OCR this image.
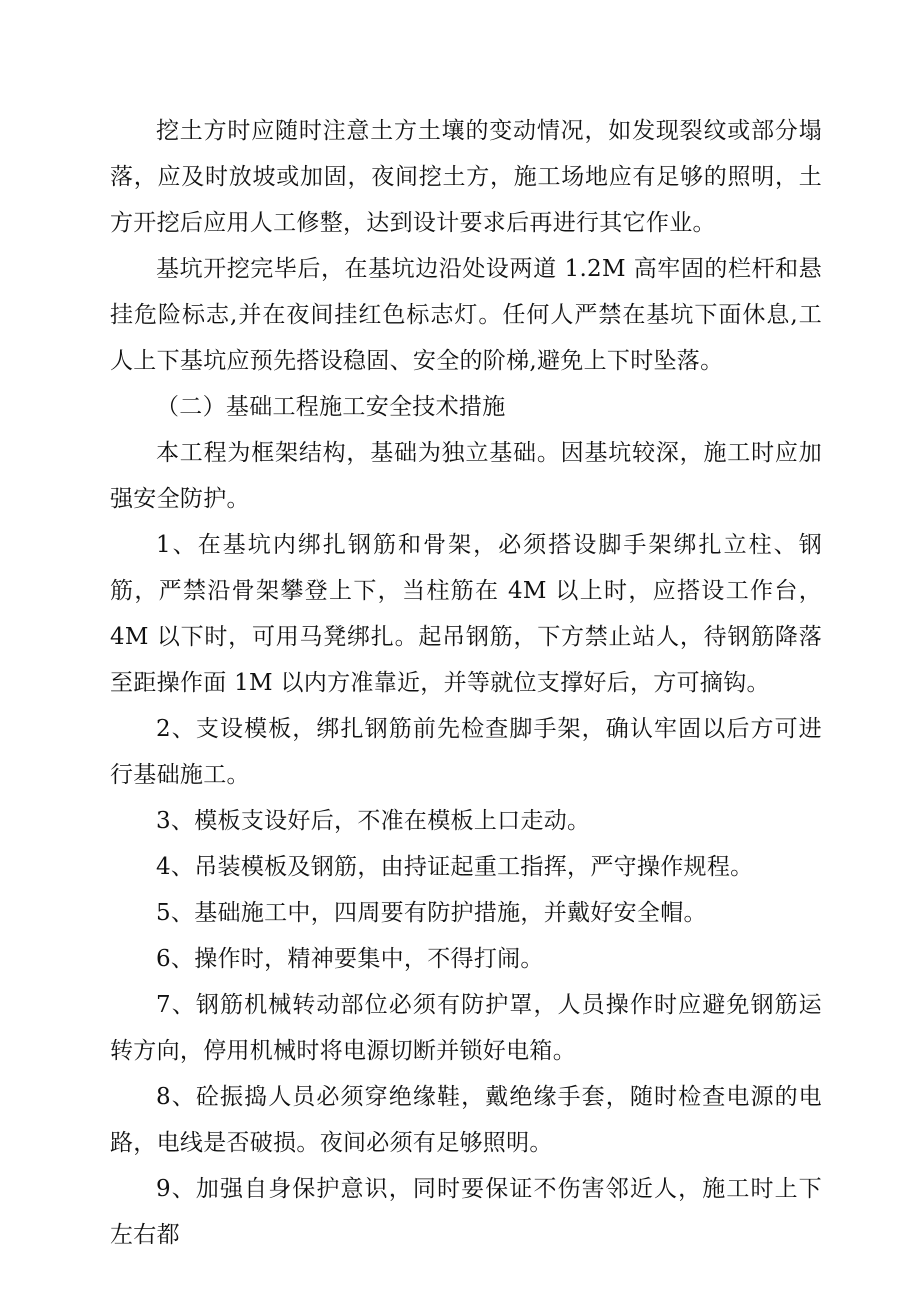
挖土方时应随时注意土方土壤的变动情况，如发现裂纹或部分塌落，应及时放坡或加固，夜间挖土方，施工场地应有足够的照明，土方开挖后应用人工修整，达到设计要求后再进行其它作业。

基坑开挖完毕后，在基坑边沿处设两道 1.2M 高牢固的栏杆和悬挂危险标志,并在夜间挂红色标志灯。任何人严禁在基坑下面休息,工人上下基坑应预先搭设稳固、安全的阶梯,避免上下时坠落。

（二）基础工程施工安全技术措施

本工程为框架结构，基础为独立基础。因基坑较深，施工时应加强安全防护。

1、在基坑内绑扎钢筋和骨架，必须搭设脚手架绑扎立柱、钢筋，严禁沿骨架攀登上下，当柱筋在 4M 以上时，应搭设工作台，4M 以下时，可用马凳绑扎。起吊钢筋，下方禁止站人，待钢筋降落至距操作面 1M 以内方准靠近，并等就位支撑好后，方可摘钩。

2、支设模板，绑扎钢筋前先检查脚手架，确认牢固以后方可进行基础施工。

3、模板支设好后，不准在模板上口走动。

4、吊装模板及钢筋，由持证起重工指挥，严守操作规程。

5、基础施工中，四周要有防护措施，并戴好安全帽。

6、操作时，精神要集中，不得打闹。

7、钢筋机械转动部位必须有防护罩，人员操作时应避免钢筋运转方向，停用机械时将电源切断并锁好电箱。

8、砼振捣人员必须穿绝缘鞋，戴绝缘手套，随时检查电源的电路，电线是否破损。夜间必须有足够照明。

9、加强自身保护意识，同时要保证不伤害邻近人，施工时上下左右都
